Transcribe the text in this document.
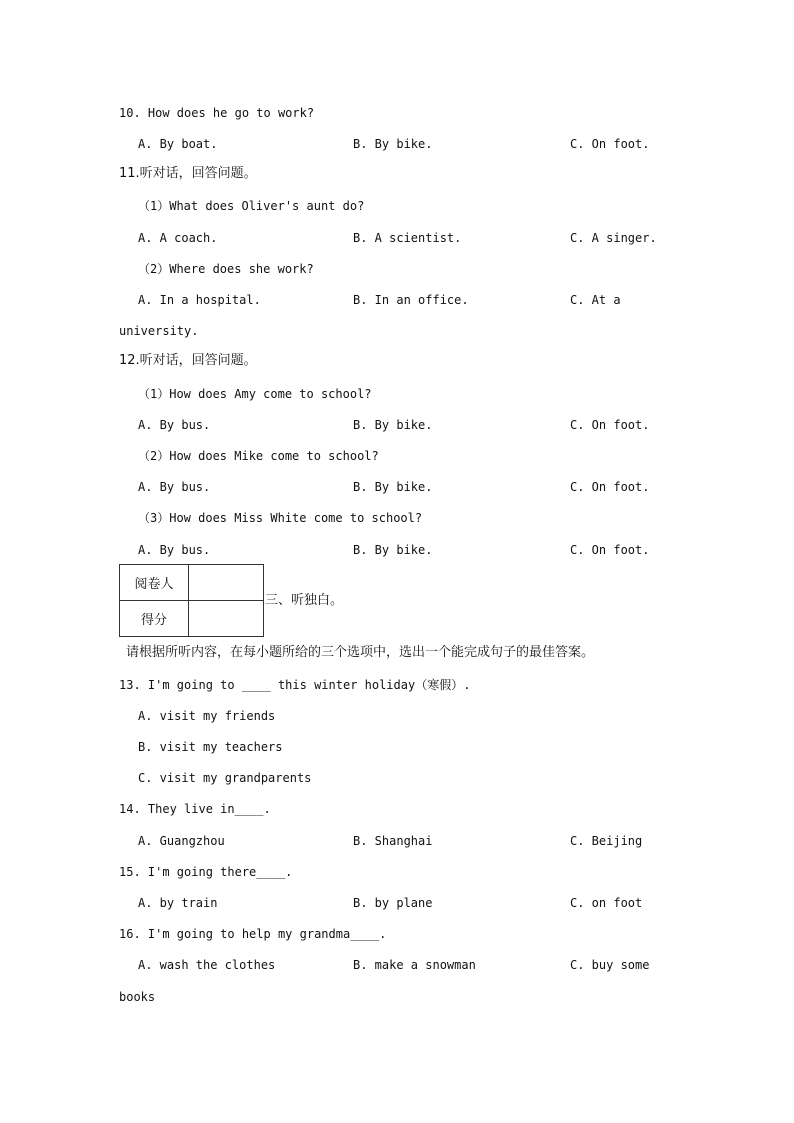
10. How does he go to work?
A. By boat.	B. By bike.	C. On foot.
11.听对话，回答问题。
（1）What does Oliver's aunt do?
A. A coach.	B. A scientist.	C. A singer.
（2）Where does she work?
A. In a hospital.	B. In an office.	C. At a
university.
12.听对话，回答问题。
（1）How does Amy come to school?
A. By bus.	B. By bike.	C. On foot.
（2）How does Mike come to school?
A. By bus.	B. By bike.	C. On foot.
（3）How does Miss White come to school?
A. By bus.	B. By bike.	C. On foot.
阅卷人	
得分	
三、听独白。
请根据所听内容，在每小题所给的三个选项中，选出一个能完成句子的最佳答案。
13. I'm going to ____ this winter holiday（寒假）.
A. visit my friends
B. visit my teachers
C. visit my grandparents
14. They live in____.
A. Guangzhou	B. Shanghai	C. Beijing
15. I'm going there____.
A. by train	B. by plane	C. on foot
16. I'm going to help my grandma____.
A. wash the clothes	B. make a snowman	C. buy some
books
